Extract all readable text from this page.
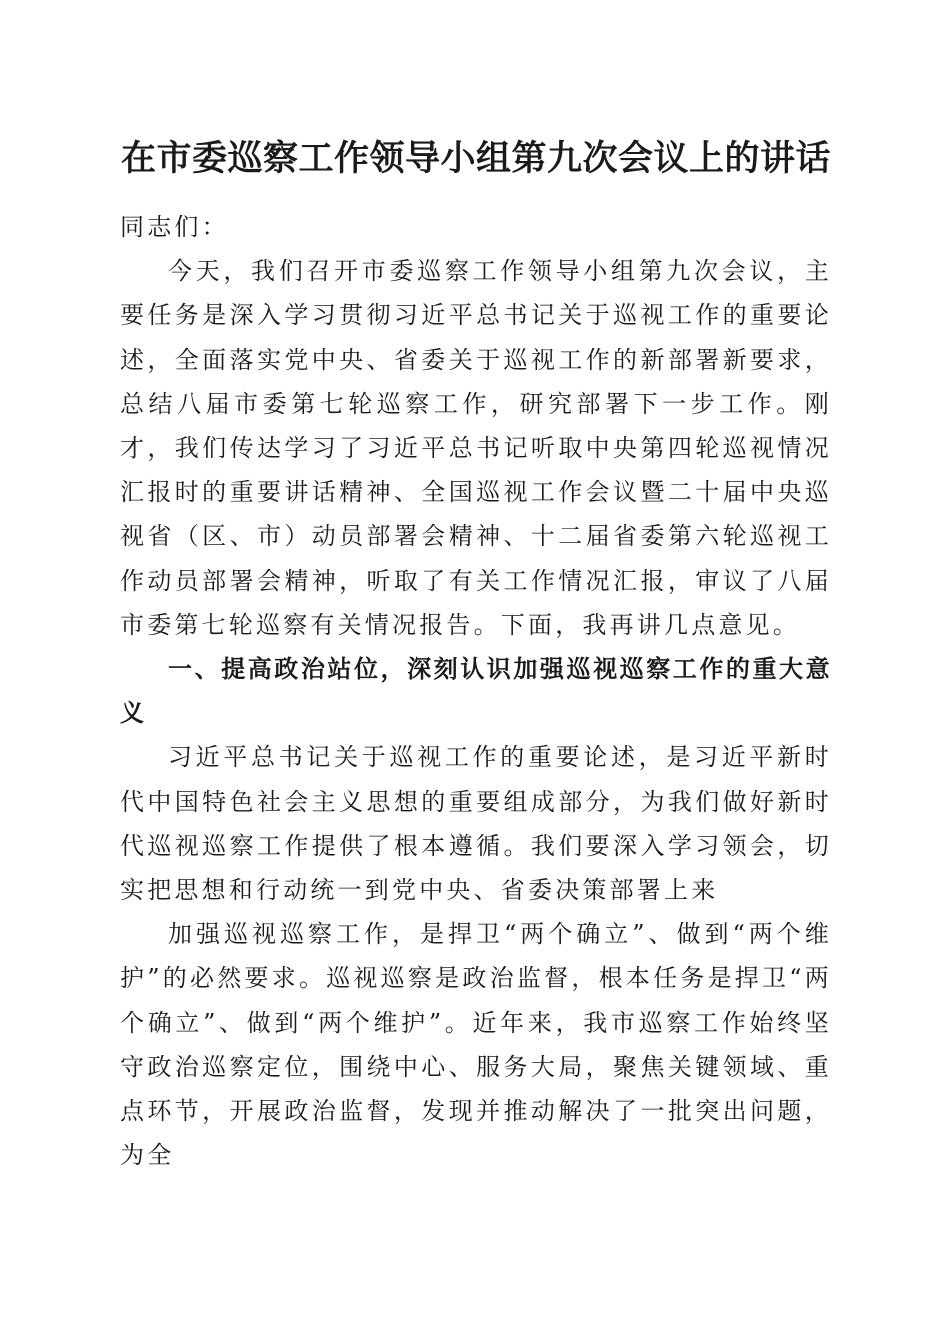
在市委巡察工作领导小组第九次会议上的讲话

同志们：

今天，我们召开市委巡察工作领导小组第九次会议，主要任务是深入学习贯彻习近平总书记关于巡视工作的重要论述，全面落实党中央、省委关于巡视工作的新部署新要求，总结八届市委第七轮巡察工作，研究部署下一步工作。刚才，我们传达学习了习近平总书记听取中央第四轮巡视情况汇报时的重要讲话精神、全国巡视工作会议暨二十届中央巡视省（区、市）动员部署会精神、十二届省委第六轮巡视工作动员部署会精神，听取了有关工作情况汇报，审议了八届市委第七轮巡察有关情况报告。下面，我再讲几点意见。

一、提高政治站位，深刻认识加强巡视巡察工作的重大意义

习近平总书记关于巡视工作的重要论述，是习近平新时代中国特色社会主义思想的重要组成部分，为我们做好新时代巡视巡察工作提供了根本遵循。我们要深入学习领会，切实把思想和行动统一到党中央、省委决策部署上来

加强巡视巡察工作，是捍卫“两个确立”、做到“两个维护”的必然要求。巡视巡察是政治监督，根本任务是捍卫“两个确立”、做到“两个维护”。近年来，我市巡察工作始终坚守政治巡察定位，围绕中心、服务大局，聚焦关键领域、重点环节，开展政治监督，发现并推动解决了一批突出问题，为全
